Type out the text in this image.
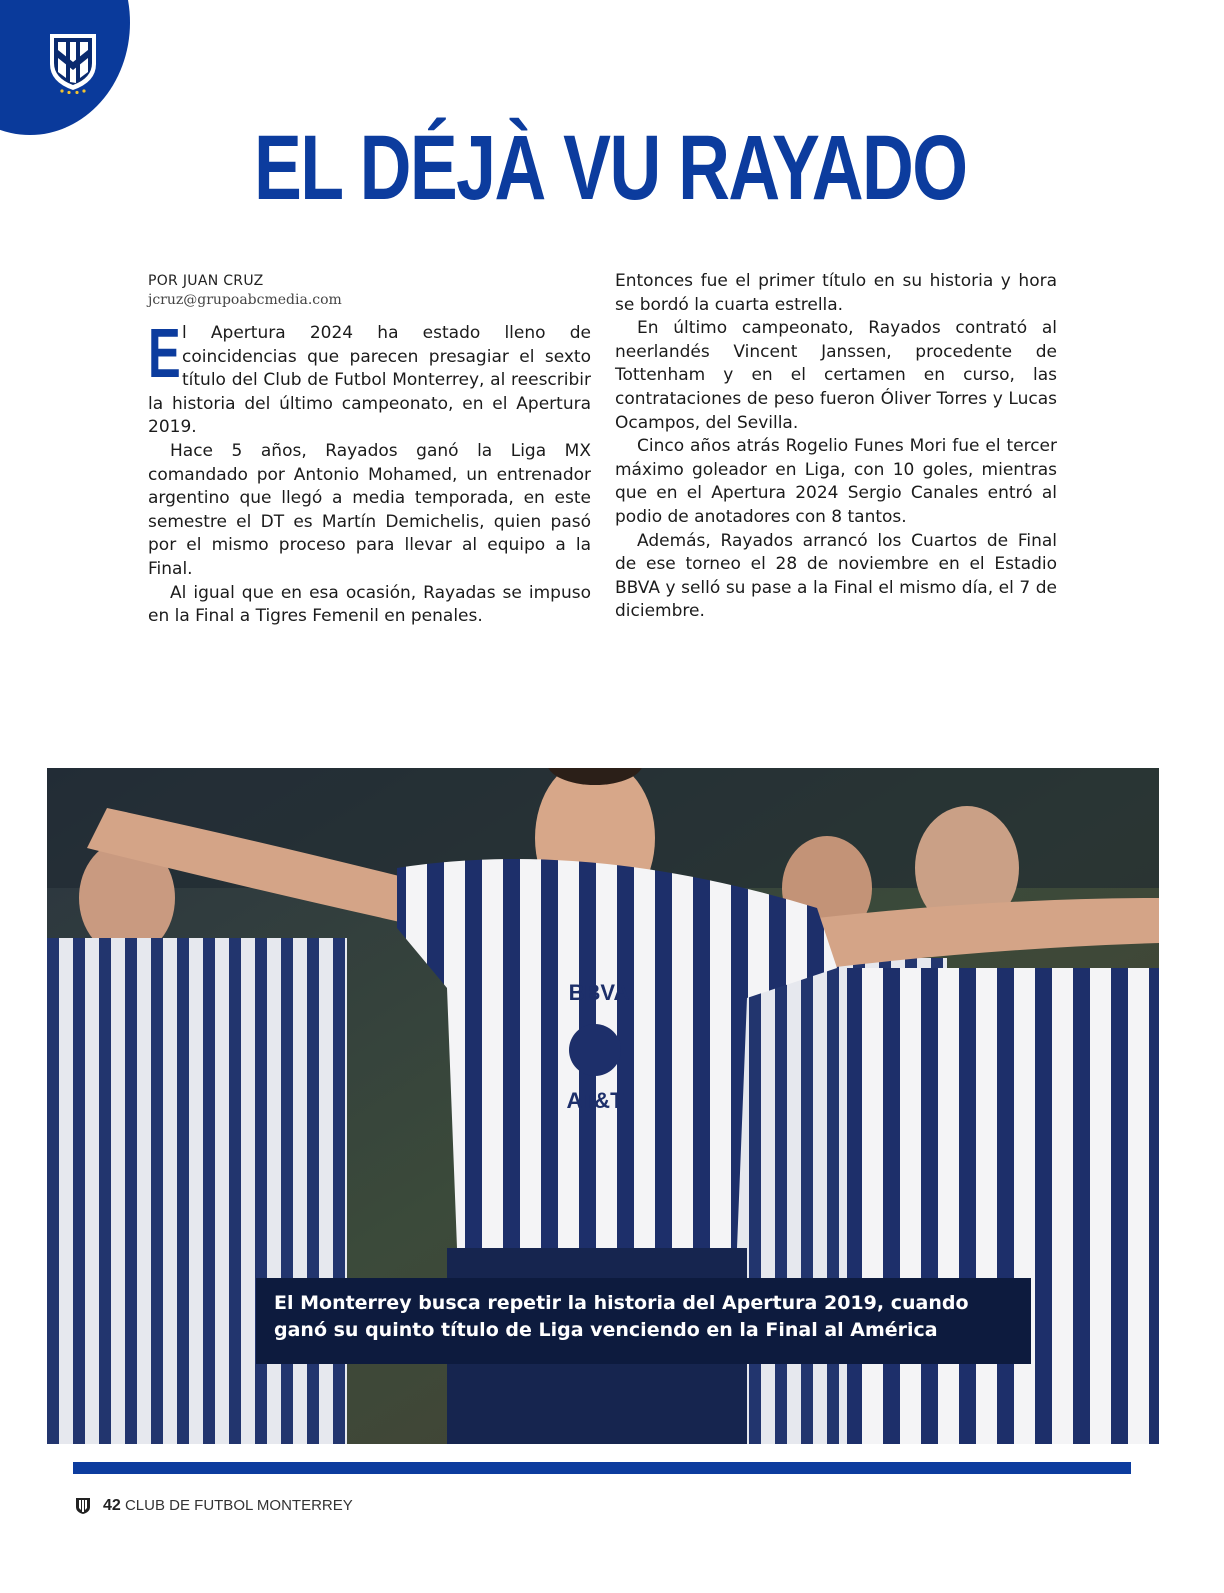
EL DÉJÀ VU RAYADO
POR JUAN CRUZ
jcruz@grupoabcmedia.com
E l Apertura 2024 ha estado lleno de coincidencias que parecen presagiar el sexto título del Club de Futbol Monterrey, al reescribir la historia del último campeonato, en el Apertura 2019.

Hace 5 años, Rayados ganó la Liga MX comandado por Antonio Mohamed, un entrenador argentino que llegó a media temporada, en este semestre el DT es Martín Demichelis, quien pasó por el mismo proceso para llevar al equipo a la Final.

Al igual que en esa ocasión, Rayadas se impuso en la Final a Tigres Femenil en penales.

Entonces fue el primer título en su historia y hora se bordó la cuarta estrella.

En último campeonato, Rayados contrató al neerlandés Vincent Janssen, procedente de Tottenham y en el certamen en curso, las contrataciones de peso fueron Óliver Torres y Lucas Ocampos, del Sevilla.

Cinco años atrás Rogelio Funes Mori fue el tercer máximo goleador en Liga, con 10 goles, mientras que en el Apertura 2024 Sergio Canales entró al podio de anotadores con 8 tantos.

Además, Rayados arrancó los Cuartos de Final de ese torneo el 28 de noviembre en el Estadio BBVA y selló su pase a la Final el mismo día, el 7 de diciembre.

BBVA
AT&T
El Monterrey busca repetir la historia del Apertura 2019, cuando ganó su quinto título de Liga venciendo en la Final al América
42 CLUB DE FUTBOL MONTERREY
